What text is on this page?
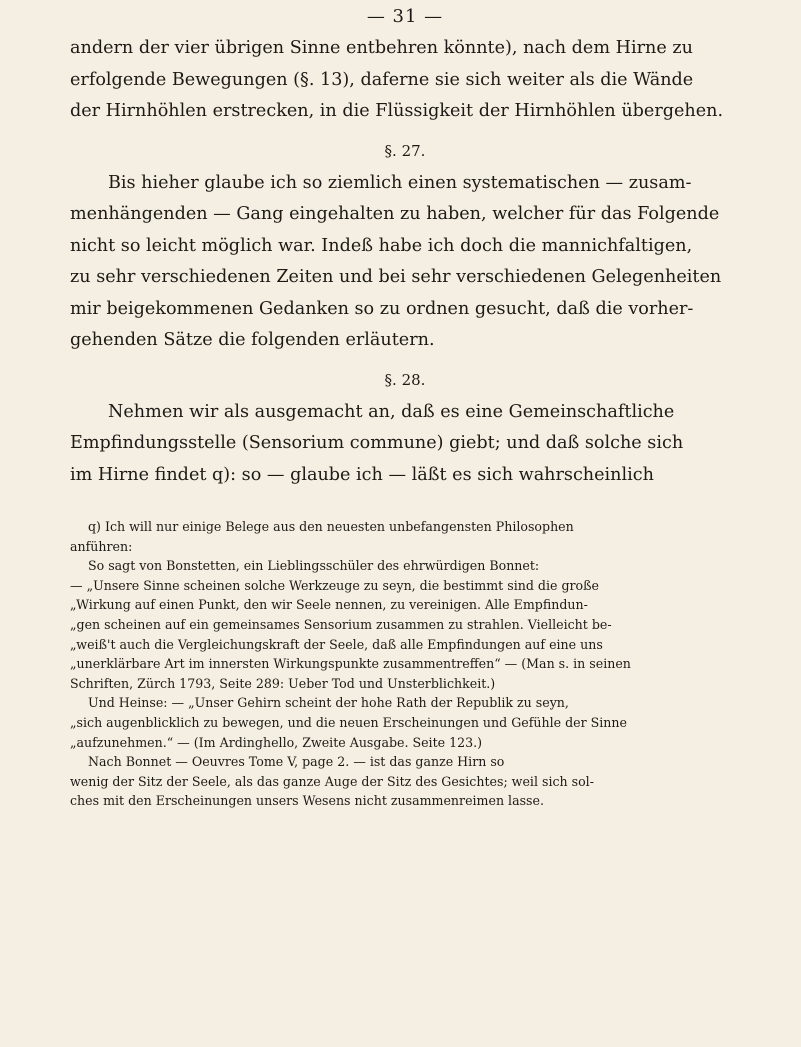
— 31 —

andern der vier übrigen Sinne entbehren könnte), nach dem Hirne zu
erfolgende Bewegungen (§. 13), daferne sie sich weiter als die Wände
der Hirnhöhlen erstrecken, in die Flüssigkeit der Hirnhöhlen übergehen.

§. 27.

Bis hieher glaube ich so ziemlich einen systematischen — zusam-
menhängenden — Gang eingehalten zu haben, welcher für das Folgende
nicht so leicht möglich war. Indeß habe ich doch die mannichfaltigen,
zu sehr verschiedenen Zeiten und bei sehr verschiedenen Gelegenheiten
mir beigekommenen Gedanken so zu ordnen gesucht, daß die vorher-
gehenden Sätze die folgenden erläutern.

§. 28.

Nehmen wir als ausgemacht an, daß es eine Gemeinschaftliche
Empfindungsstelle (Sensorium commune) giebt; und daß solche sich
im Hirne findet q): so — glaube ich — läßt es sich wahrscheinlich

q) Ich will nur einige Belege aus den neuesten unbefangensten Philosophen
anführen:
So sagt von Bonstetten, ein Lieblingsschüler des ehrwürdigen Bonnet:
— „Unsere Sinne scheinen solche Werkzeuge zu seyn, die bestimmt sind die große
„Wirkung auf einen Punkt, den wir Seele nennen, zu vereinigen. Alle Empfindun-
„gen scheinen auf ein gemeinsames Sensorium zusammen zu strahlen. Vielleicht be-
„weiß't auch die Vergleichungskraft der Seele, daß alle Empfindungen auf eine uns
„unerklärbare Art im innersten Wirkungspunkte zusammentreffen“ — (Man s. in seinen
Schriften, Zürch 1793, Seite 289: Ueber Tod und Unsterblichkeit.)
Und Heinse: — „Unser Gehirn scheint der hohe Rath der Republik zu seyn,
„sich augenblicklich zu bewegen, und die neuen Erscheinungen und Gefühle der Sinne
„aufzunehmen.“ — (Im Ardinghello, Zweite Ausgabe. Seite 123.)
Nach Bonnet — Oeuvres Tome V, page 2. — ist das ganze Hirn so
wenig der Sitz der Seele, als das ganze Auge der Sitz des Gesichtes; weil sich sol-
ches mit den Erscheinungen unsers Wesens nicht zusammenreimen lasse.
